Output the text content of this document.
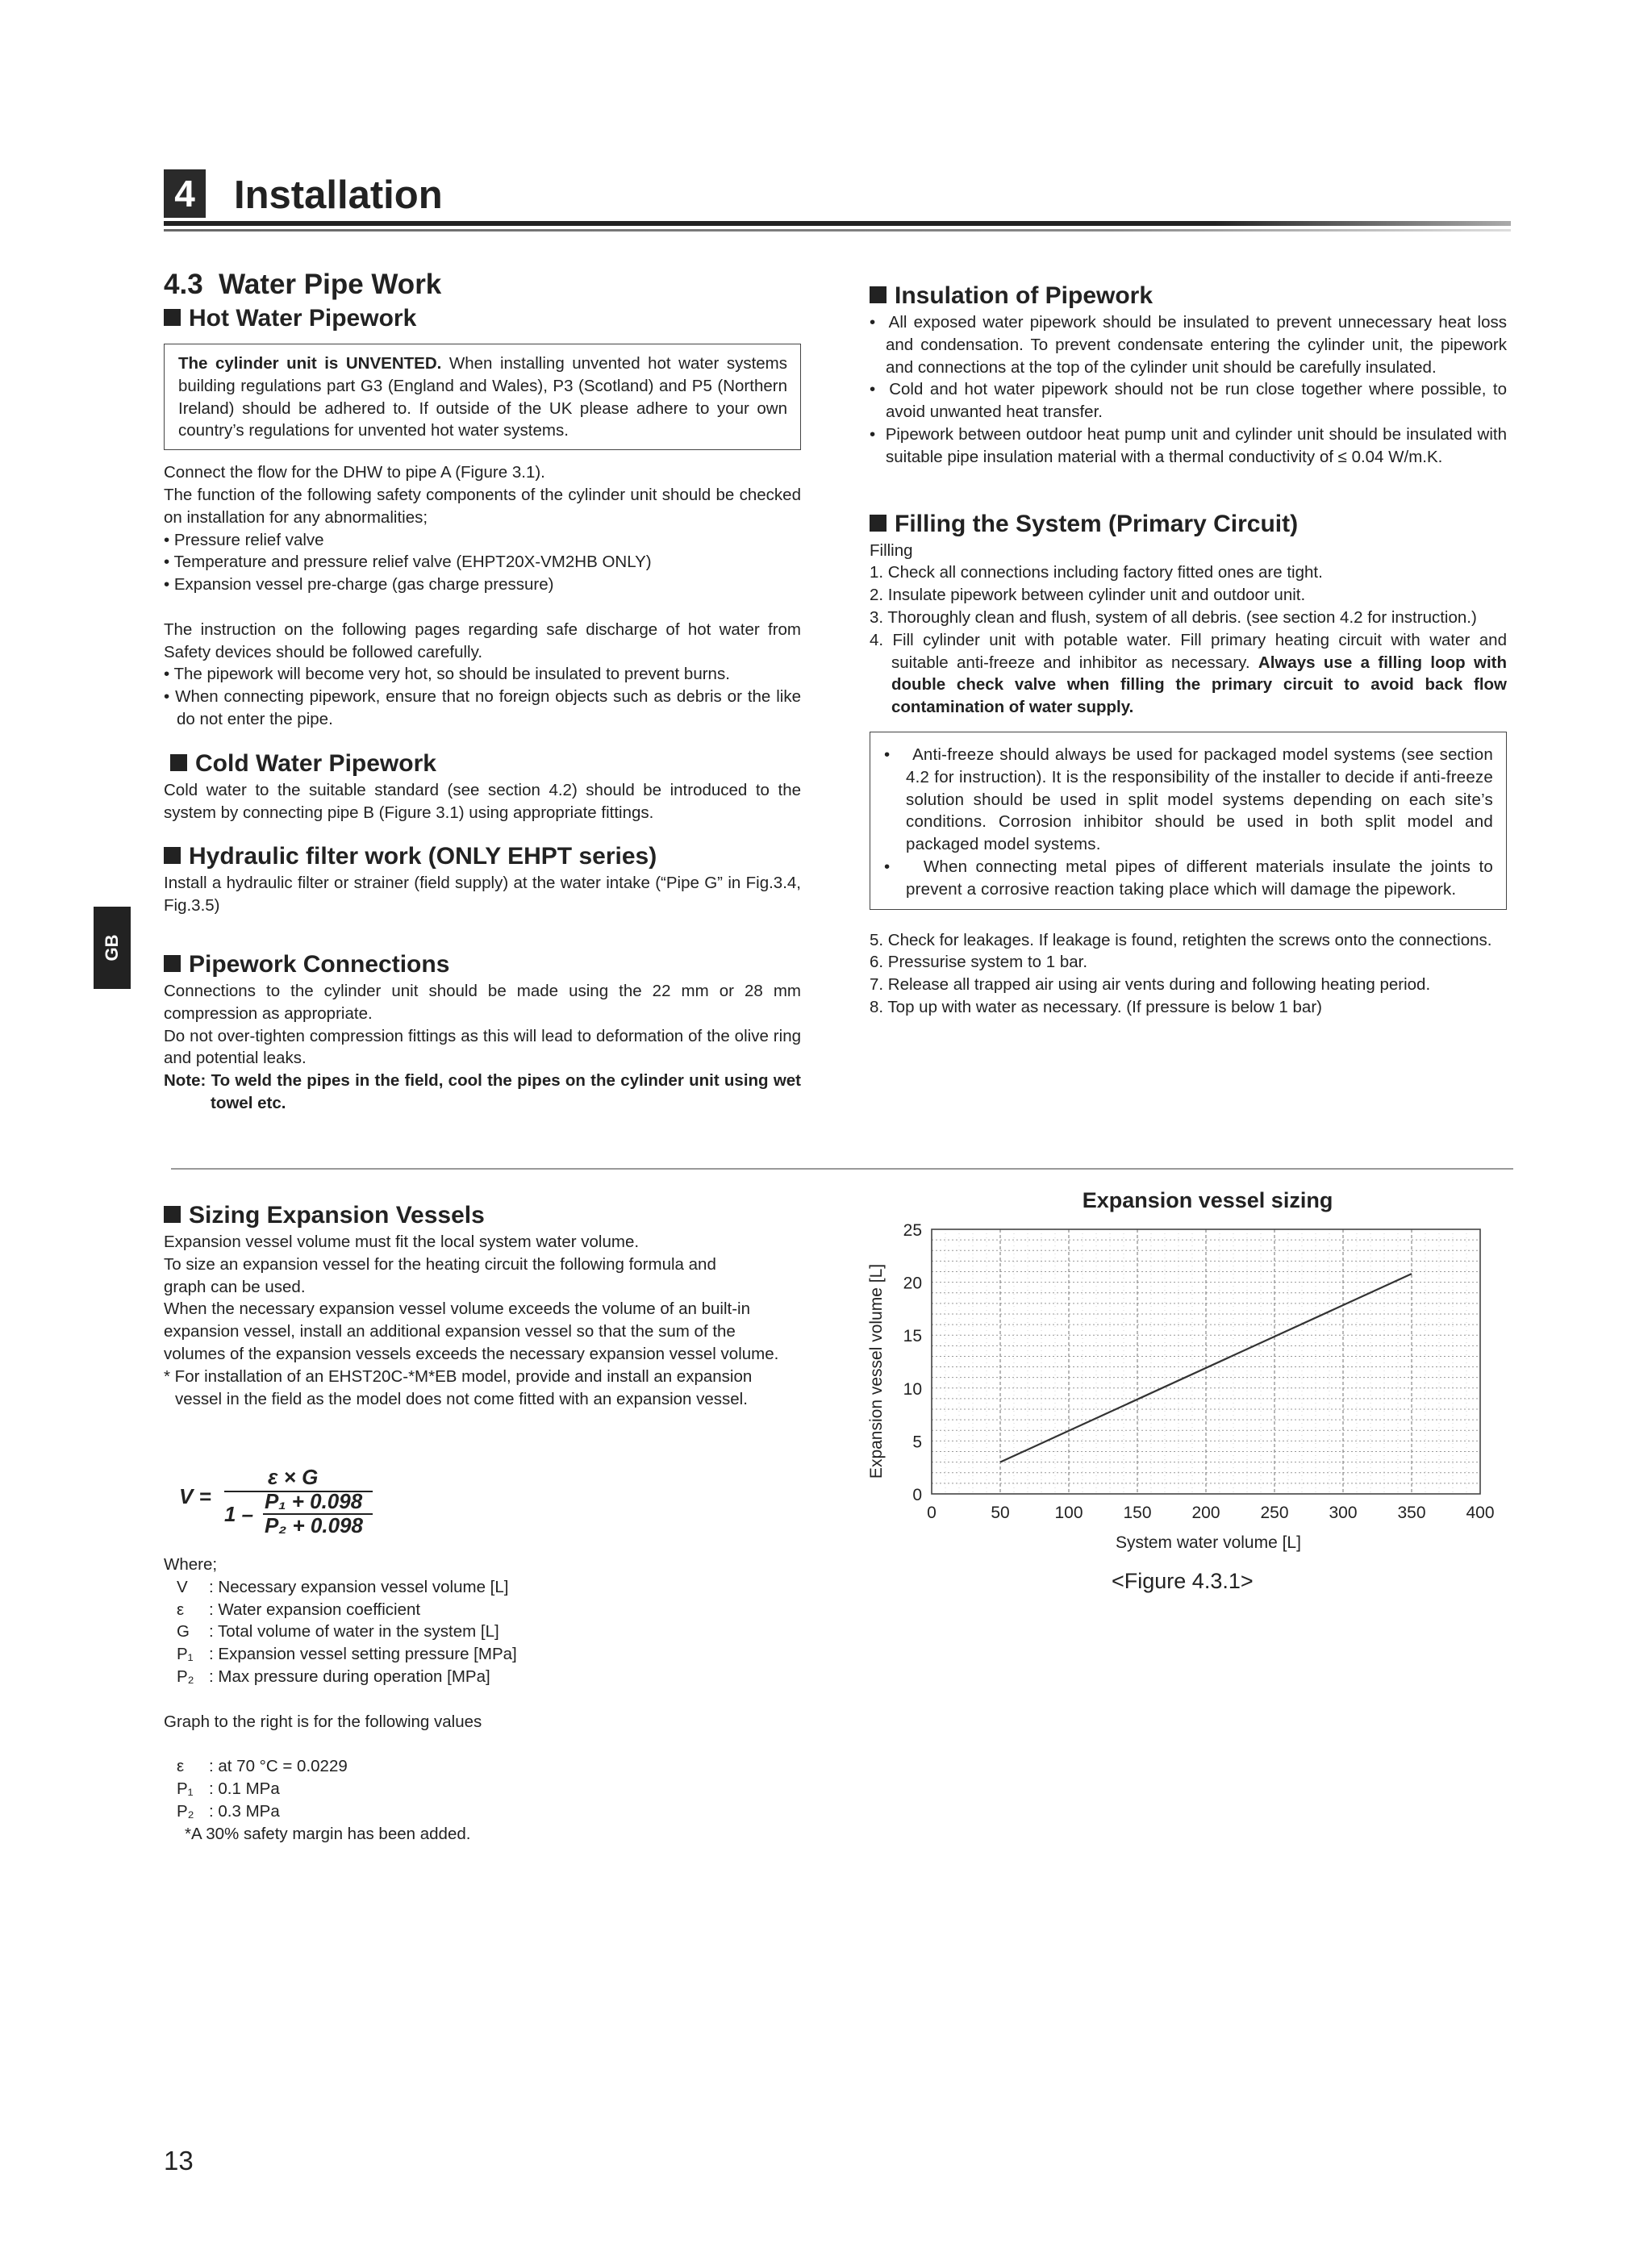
4 Installation
GB
4.3  Water Pipe Work
Hot Water Pipework

The cylinder unit is UNVENTED. When installing unvented hot water systems building regulations part G3 (England and Wales), P3 (Scotland) and P5 (Northern Ireland) should be adhered to. If outside of the UK please adhere to your own country’s regulations for unvented hot water systems.

Connect the flow for the DHW to pipe A (Figure 3.1).

The function of the following safety components of the cylinder unit should be checked on installation for any abnormalities;

• Pressure relief valve

• Temperature and pressure relief valve (EHPT20X-VM2HB ONLY)

• Expansion vessel pre-charge (gas charge pressure)

The instruction on the following pages regarding safe discharge of hot water from Safety devices should be followed carefully.

• The pipework will become very hot, so should be insulated to prevent burns.
• When connecting pipework, ensure that no foreign objects such as debris or the like do not enter the pipe.
Cold Water Pipework

Cold water to the suitable standard (see section 4.2) should be introduced to the system by connecting pipe B (Figure 3.1) using appropriate fittings.

Hydraulic filter work (ONLY EHPT series)

Install a hydraulic filter or strainer (field supply) at the water intake (“Pipe G” in Fig.3.4, Fig.3.5)

Pipework Connections

Connections to the cylinder unit should be made using the 22 mm or 28 mm compression as appropriate.

Do not over-tighten compression fittings as this will lead to deformation of the olive ring and potential leaks.

Note: To weld the pipes in the field, cool the pipes on the cylinder unit using wet towel etc.

Insulation of Pipework
•  All exposed water pipework should be insulated to prevent unnecessary heat loss and condensation. To prevent condensate entering the cylinder unit, the pipework and connections at the top of the cylinder unit should be carefully insulated.
•  Cold and hot water pipework should not be run close together where possible, to avoid unwanted heat transfer.
•  Pipework between outdoor heat pump unit and cylinder unit should be insulated with suitable pipe insulation material with a thermal conductivity of ≤ 0.04 W/m.K.
Filling the System (Primary Circuit)

Filling

1. Check all connections including factory fitted ones are tight.
2. Insulate pipework between cylinder unit and outdoor unit.
3. Thoroughly clean and flush, system of all debris. (see section 4.2 for instruction.)
4. Fill cylinder unit with potable water. Fill primary heating circuit with water and suitable anti-freeze and inhibitor as necessary. Always use a filling loop with double check valve when filling the primary circuit to avoid back flow contamination of water supply.
•    Anti-freeze should always be used for packaged model systems (see section 4.2 for instruction). It is the responsibility of the installer to decide if anti-freeze solution should be used in split model systems depending on each site’s conditions. Corrosion inhibitor should be used in both split model and packaged model systems.
•    When connecting metal pipes of different materials insulate the joints to prevent a corrosive reaction taking place which will damage the pipework.
5. Check for leakages. If leakage is found, retighten the screws onto the connections.
6. Pressurise system to 1 bar.
7. Release all trapped air using air vents during and following heating period.
8. Top up with water as necessary. (If pressure is below 1 bar)
Sizing Expansion Vessels

Expansion vessel volume must fit the local system water volume.

To size an expansion vessel for the heating circuit the following formula and graph can be used.

When the necessary expansion vessel volume exceeds the volume of an built-in expansion vessel, install an additional expansion vessel so that the sum of the volumes of the expansion vessels exceeds the necessary expansion vessel volume.

* For installation of an EHST20C-*M*EB model, provide and install an expansion vessel in the field as the model does not come fitted with an expansion vessel.

V =
ε × G
1 –
P₁ + 0.098
P₂ + 0.098

Where;

V	: Necessary expansion vessel volume [L]
ε	: Water expansion coefficient
G	: Total volume of water in the system [L]
P₁	: Expansion vessel setting pressure [MPa]
P₂	: Max pressure during operation [MPa]

Graph to the right is for the following values

ε	: at 70 °C = 0.0229
P₁	: 0.1 MPa
P₂	: 0.3 MPa

*A 30% safety margin has been added.

Expansion vessel sizing
0	50	100 150 200 250 300 350 400
0
5
10
15
20
25
System water volume [L]
Expansion vessel volume [L]
<Figure 4.3.1>
13
